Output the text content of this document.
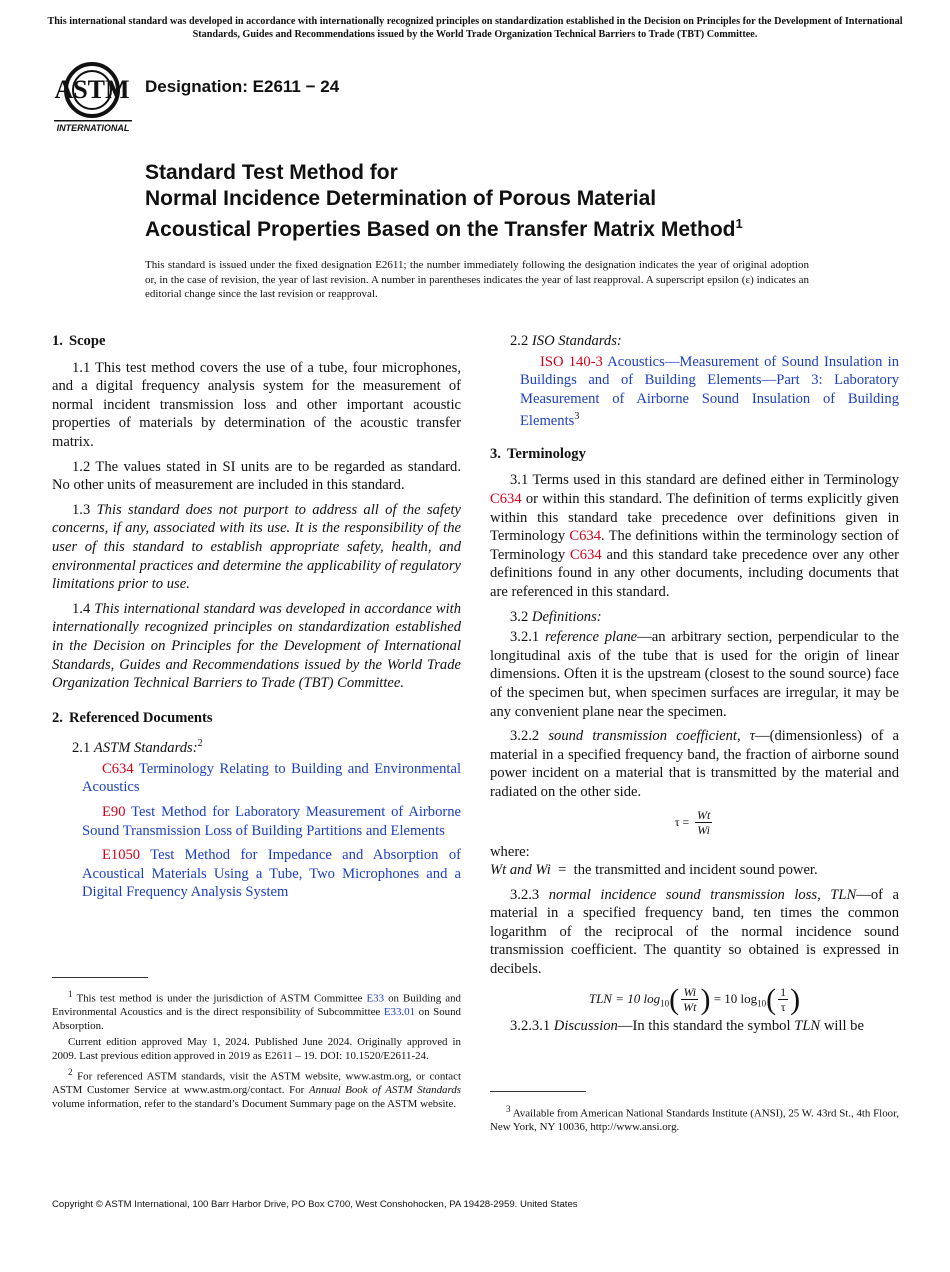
This international standard was developed in accordance with internationally recognized principles on standardization established in the Decision on Principles for the Development of International Standards, Guides and Recommendations issued by the World Trade Organization Technical Barriers to Trade (TBT) Committee.
ASTM
INTERNATIONAL
Designation: E2611 − 24
Standard Test Method for
Normal Incidence Determination of Porous Material
Acoustical Properties Based on the Transfer Matrix Method$^1$
This standard is issued under the fixed designation E2611; the number immediately following the designation indicates the year of original adoption or, in the case of revision, the year of last revision. A number in parentheses indicates the year of last reapproval. A superscript epsilon (ε) indicates an editorial change since the last revision or reapproval.

1. Scope

1.1 This test method covers the use of a tube, four microphones, and a digital frequency analysis system for the measurement of normal incident transmission loss and other important acoustic properties of materials by determination of the acoustic transfer matrix.

1.2 The values stated in SI units are to be regarded as standard. No other units of measurement are included in this standard.

1.3 This standard does not purport to address all of the safety concerns, if any, associated with its use. It is the responsibility of the user of this standard to establish appropriate safety, health, and environmental practices and determine the applicability of regulatory limitations prior to use.

1.4 This international standard was developed in accordance with internationally recognized principles on standardization established in the Decision on Principles for the Development of International Standards, Guides and Recommendations issued by the World Trade Organization Technical Barriers to Trade (TBT) Committee.

2. Referenced Documents

2.1 ASTM Standards:$^2$

C634 Terminology Relating to Building and Environmental Acoustics

E90 Test Method for Laboratory Measurement of Airborne Sound Transmission Loss of Building Partitions and Elements

E1050 Test Method for Impedance and Absorption of Acoustical Materials Using a Tube, Two Microphones and a Digital Frequency Analysis System

$^1$ This test method is under the jurisdiction of ASTM Committee E33 on Building and Environmental Acoustics and is the direct responsibility of Subcommittee E33.01 on Sound Absorption.

Current edition approved May 1, 2024. Published June 2024. Originally approved in 2009. Last previous edition approved in 2019 as E2611 – 19. DOI: 10.1520/E2611-24.

$^2$ For referenced ASTM standards, visit the ASTM website, www.astm.org, or contact ASTM Customer Service at www.astm.org/contact. For Annual Book of ASTM Standards volume information, refer to the standard’s Document Summary page on the ASTM website.

2.2 ISO Standards:

ISO 140-3 Acoustics—Measurement of Sound Insulation in Buildings and of Building Elements—Part 3: Laboratory Measurement of Airborne Sound Insulation of Building Elements$^3$

3. Terminology

3.1 Terms used in this standard are defined either in Terminology C634 or within this standard. The definition of terms explicitly given within this standard take precedence over definitions given in Terminology C634. The definitions within the terminology section of Terminology C634 and this standard take precedence over any other definitions found in any other documents, including documents that are referenced in this standard.

3.2 Definitions:

3.2.1 reference plane—an arbitrary section, perpendicular to the longitudinal axis of the tube that is used for the origin of linear dimensions. Often it is the upstream (closest to the sound source) face of the specimen but, when specimen surfaces are irregular, it may be any convenient plane near the specimen.

3.2.2 sound transmission coefficient, τ—(dimensionless) of a material in a specified frequency band, the fraction of airborne sound power incident on a material that is transmitted by the material and radiated on the other side.

$\tau = \frac{Wt}{Wi}$

where:

Wt and Wi = the transmitted and incident sound power.

3.2.3 normal incidence sound transmission loss, TLN—of a material in a specified frequency band, ten times the common logarithm of the reciprocal of the normal incidence sound transmission coefficient. The quantity so obtained is expressed in decibels.

TLN = 10 $\log_{10}( \frac{Wi}{Wt}$ ) = 10 $\log_{10}( \frac{1}{\tau}$ )

3.2.3.1 Discussion—In this standard the symbol TLN will be

$^3$ Available from American National Standards Institute (ANSI), 25 W. 43rd St., 4th Floor, New York, NY 10036, http://www.ansi.org.

Copyright © ASTM International, 100 Barr Harbor Drive, PO Box C700, West Conshohocken, PA 19428-2959. United States
